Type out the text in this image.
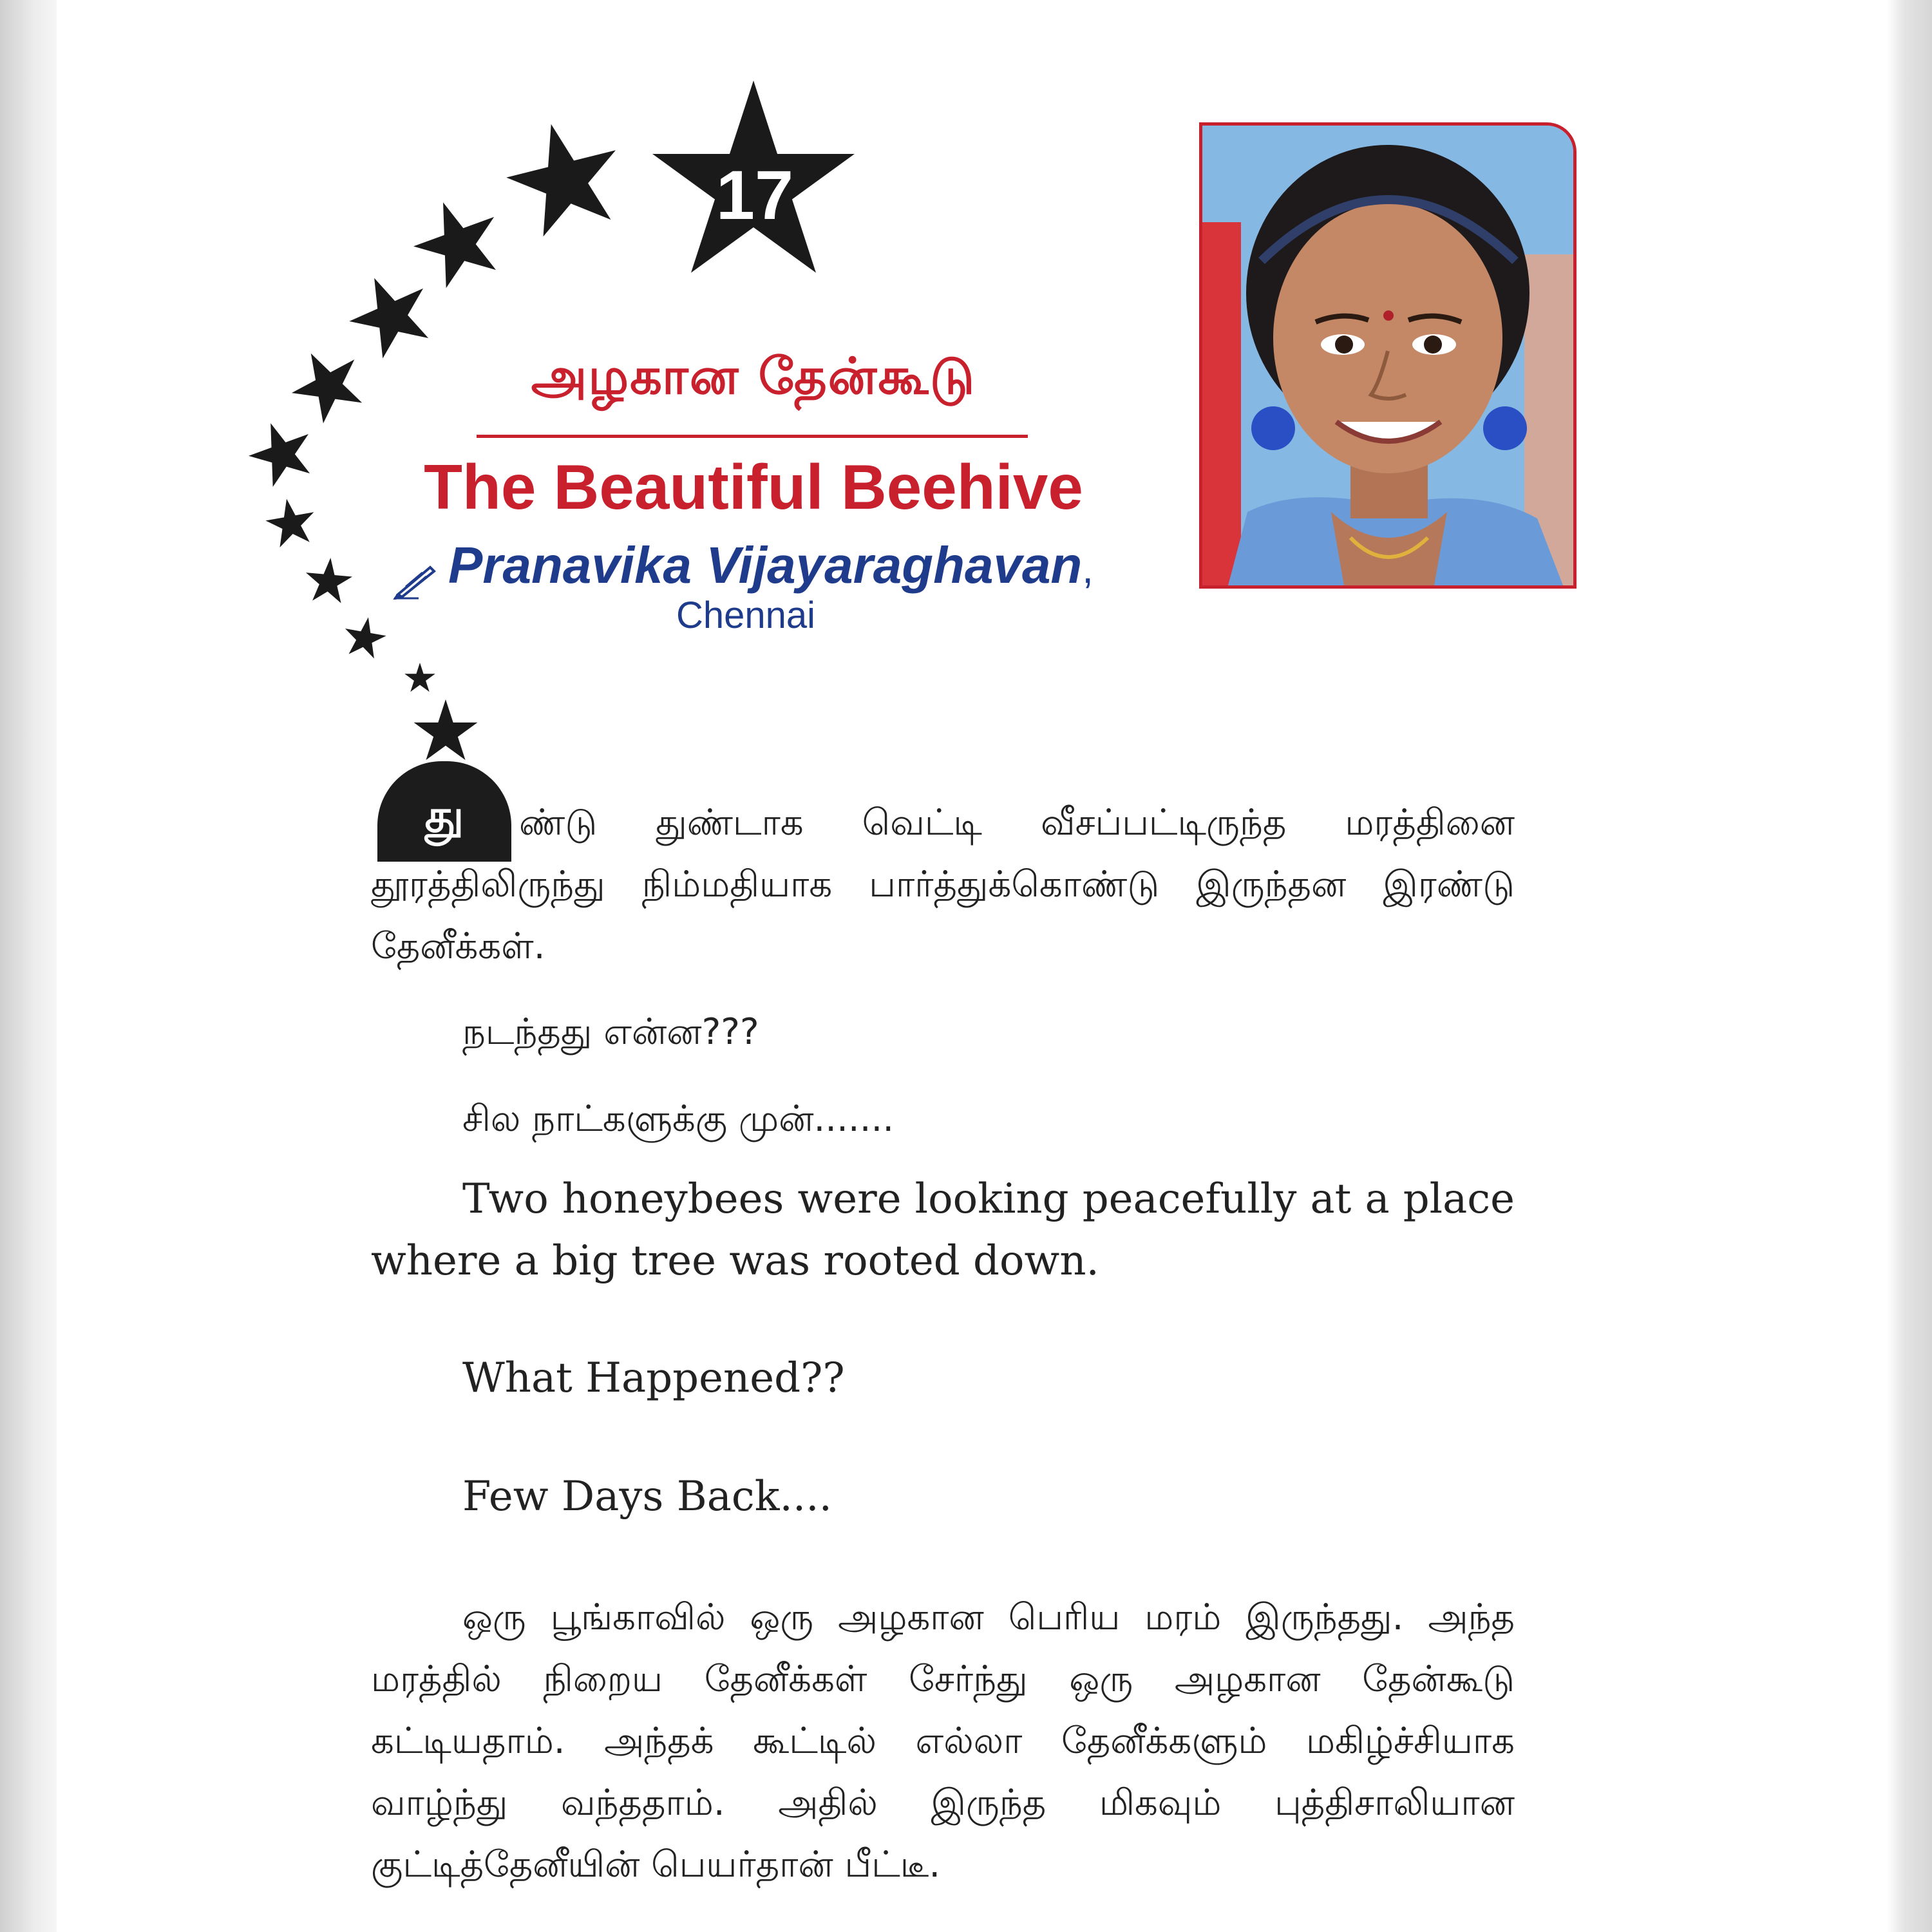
17
அழகான தேன்கூடு
The Beautiful Beehive
Pranavika Vijayaraghavan,
Chennai
து	ண்டு துண்டாக வெட்டி வீசப்பட்டிருந்த மரத்தினை தூரத்திலிருந்து நிம்மதியாக பார்த்துக்கொண்டு இருந்தன இரண்டு தேனீக்கள்.

நடந்தது என்ன???

சில நாட்களுக்கு முன்.......

Two honeybees were looking peacefully at a place where a big tree was rooted down.

What Happened??

Few Days Back....

ஒரு பூங்காவில் ஒரு அழகான பெரிய மரம் இருந்தது. அந்த மரத்தில் நிறைய தேனீக்கள் சேர்ந்து ஒரு அழகான தேன்கூடு கட்டியதாம். அந்தக் கூட்டில் எல்லா தேனீக்களும் மகிழ்ச்சியாக வாழ்ந்து வந்ததாம். அதில் இருந்த மிகவும் புத்திசாலியான குட்டித்தேனீயின் பெயர்தான் பீட்டீ.
